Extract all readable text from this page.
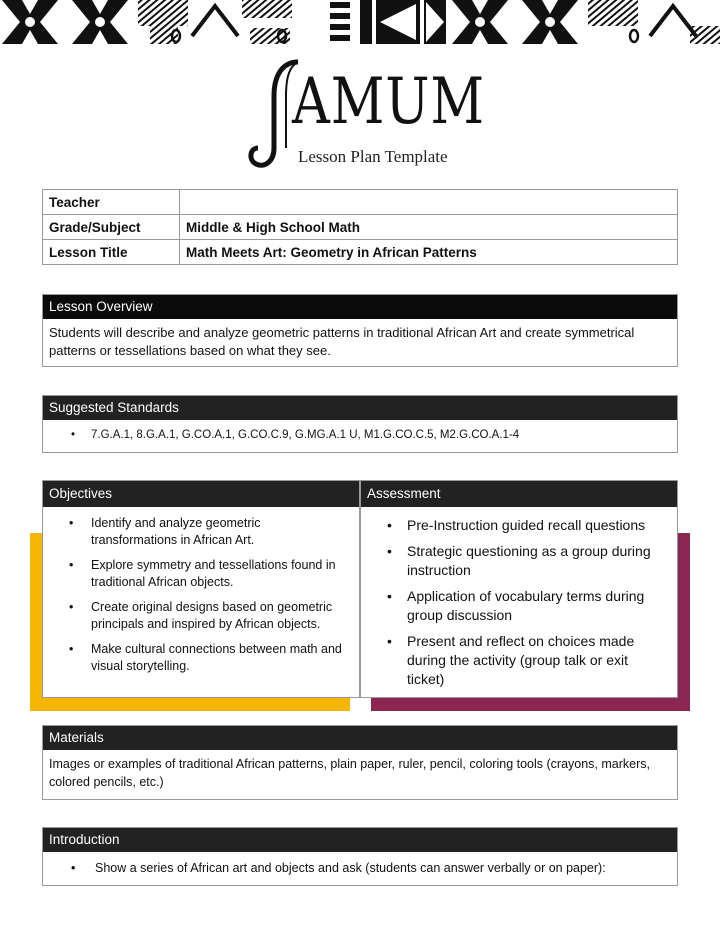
AMUM
Lesson Plan Template
Teacher	
Grade/Subject	Middle & High School Math
Lesson Title	Math Meets Art: Geometry in African Patterns
Lesson Overview
Students will describe and analyze geometric patterns in traditional African Art and create symmetrical patterns or tessellations based on what they see.
Suggested Standards
• 7.G.A.1, 8.G.A.1, G.CO.A.1, G.CO.C.9, G.MG.A.1 U, M1.G.CO.C.5, M2.G.CO.A.1-4
Objectives
• Identify and analyze geometric transformations in African Art.
• Explore symmetry and tessellations found in traditional African objects.
• Create original designs based on geometric principals and inspired by African objects.
• Make cultural connections between math and visual storytelling.
Assessment
• Pre-Instruction guided recall questions
• Strategic questioning as a group during instruction
• Application of vocabulary terms during group discussion
• Present and reflect on choices made during the activity (group talk or exit ticket)
Materials
Images or examples of traditional African patterns, plain paper, ruler, pencil, coloring tools (crayons, markers, colored pencils, etc.)
Introduction
• Show a series of African art and objects and ask (students can answer verbally or on paper):
